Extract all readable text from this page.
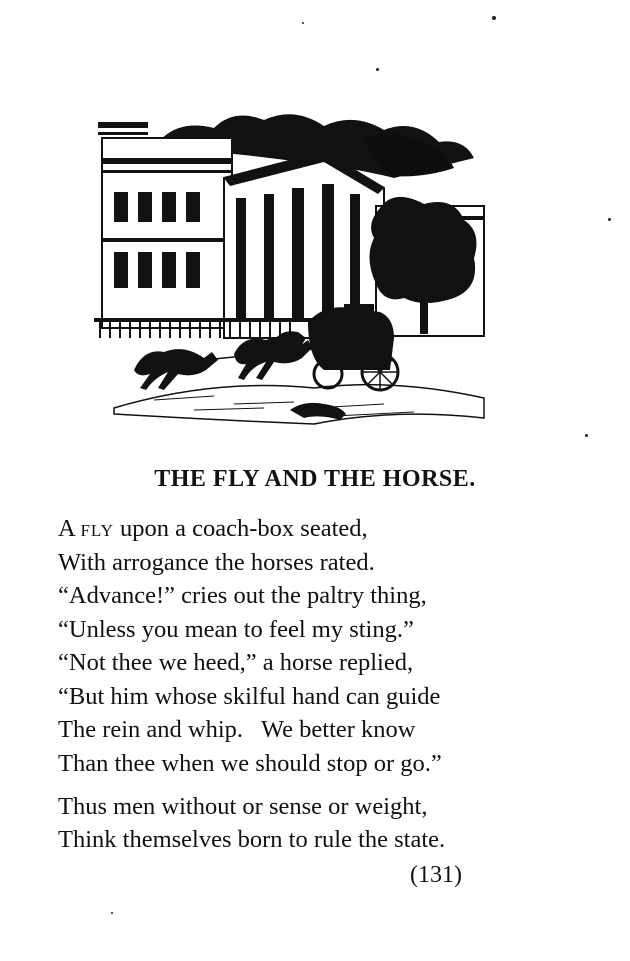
THE FLY AND THE HORSE.
A fly upon a coach-box seated,
With arrogance the horses rated.
“Advance!” cries out the paltry thing,
“Unless you mean to feel my sting.”
“Not thee we heed,” a horse replied,
“But him whose skilful hand can guide
The rein and whip.   We better know
Than thee when we should stop or go.”
Thus men without or sense or weight,
Think themselves born to rule the state.
(131)
